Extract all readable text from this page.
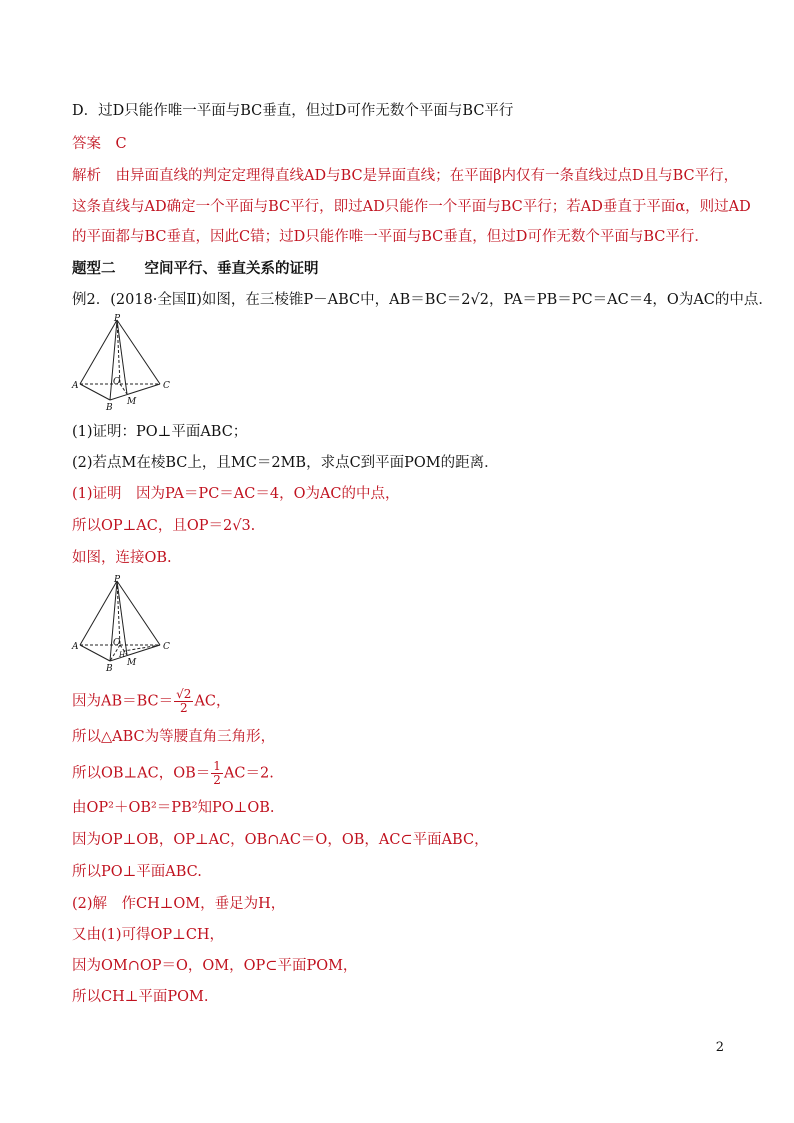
D．过D只能作唯一平面与BC垂直，但过D可作无数个平面与BC平行
答案　C
解析　由异面直线的判定定理得直线AD与BC是异面直线；在平面β内仅有一条直线过点D且与BC平行，
这条直线与AD确定一个平面与BC平行，即过AD只能作一个平面与BC平行；若AD垂直于平面α，则过AD
的平面都与BC垂直，因此C错；过D只能作唯一平面与BC垂直，但过D可作无数个平面与BC平行．
题型二　　空间平行、垂直关系的证明
例2．(2018·全国Ⅱ)如图，在三棱锥P－ABC中，AB＝BC＝2√2，PA＝PB＝PC＝AC＝4，O为AC的中点．
P
A
B
C
O
M
(1)证明：PO⊥平面ABC；
(2)若点M在棱BC上，且MC＝2MB，求点C到平面POM的距离．
(1)证明　因为PA＝PC＝AC＝4，O为AC的中点，
所以OP⊥AC，且OP＝2√3.
如图，连接OB.
P
A
B
C
O
M
H
因为$AB=BC= \frac{√2}{2}$ AC，
所以△ABC为等腰直角三角形，
所以OB⊥AC，$OB= \frac{1}{2} AC=2$.
由OP²＋OB²＝PB²知PO⊥OB.
因为OP⊥OB，OP⊥AC，OB∩AC＝O，OB，AC⊂平面ABC，
所以PO⊥平面ABC.
(2)解　作CH⊥OM，垂足为H，
又由(1)可得OP⊥CH，
因为OM∩OP＝O，OM，OP⊂平面POM，
所以CH⊥平面POM.
2
